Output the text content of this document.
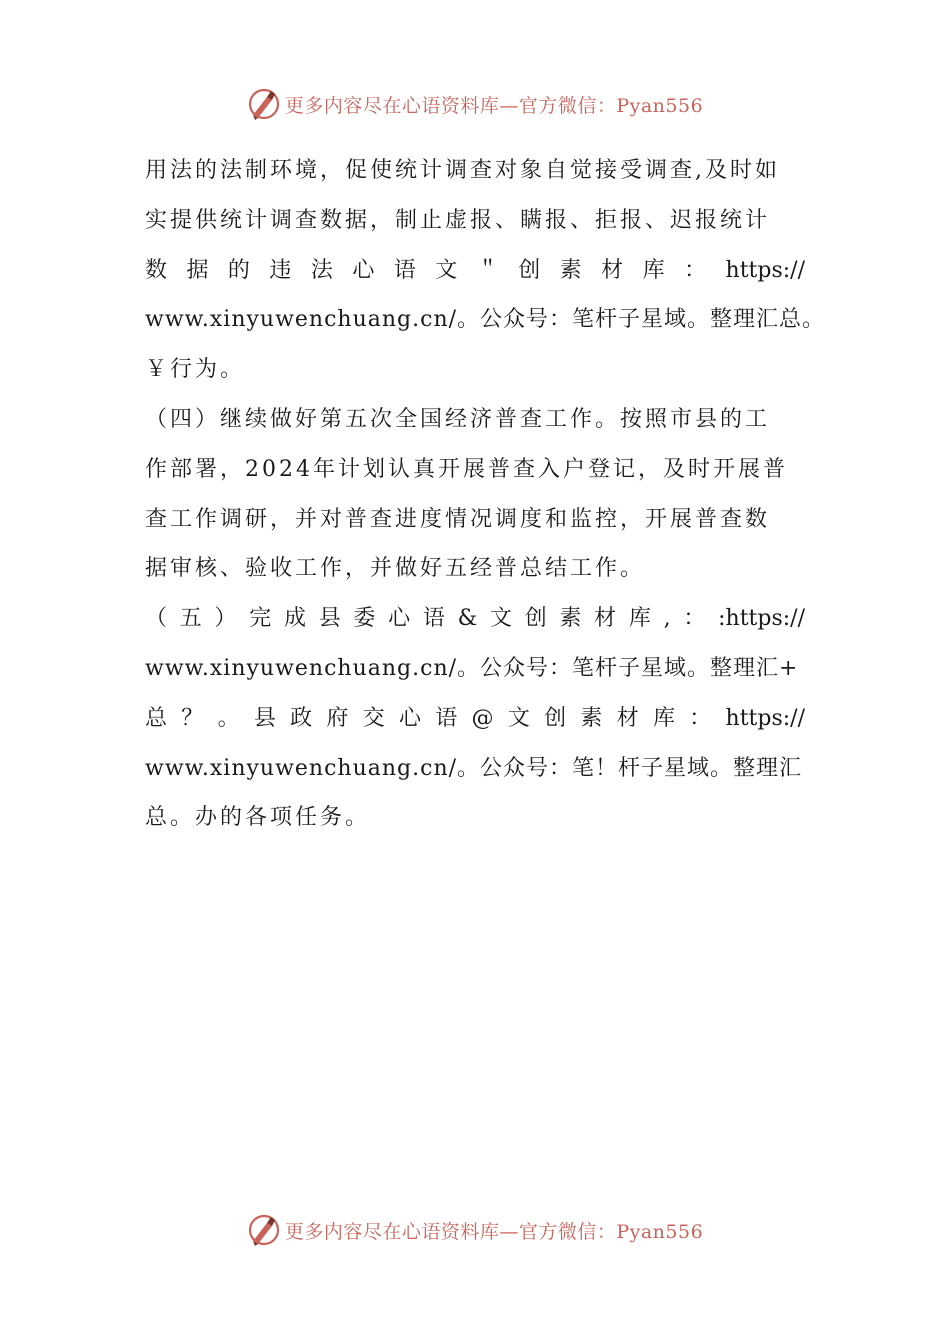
更多内容尽在心语资料库—官方微信：Pyan556
用法的法制环境，促使统计调查对象自觉接受调查,及时如
实提供统计调查数据，制止虚报、瞒报、拒报、迟报统计
数据的违法心语文＂创素材库：https://
www.xinyuwenchuang.cn/。公众号：笔杆子星域。整理汇总。
￥行为。
（四）继续做好第五次全国经济普查工作。按照市县的工
作部署，2024年计划认真开展普查入户登记，及时开展普
查工作调研，并对普查进度情况调度和监控，开展普查数
据审核、验收工作，并做好五经普总结工作。
（五）完成县委心语&文创素材库,：:https://
www.xinyuwenchuang.cn/。公众号：笔杆子星域。整理汇+
总？。县政府交心语@文创素材库：https://
www.xinyuwenchuang.cn/。公众号：笔！杆子星域。整理汇
总。办的各项任务。
更多内容尽在心语资料库—官方微信：Pyan556
